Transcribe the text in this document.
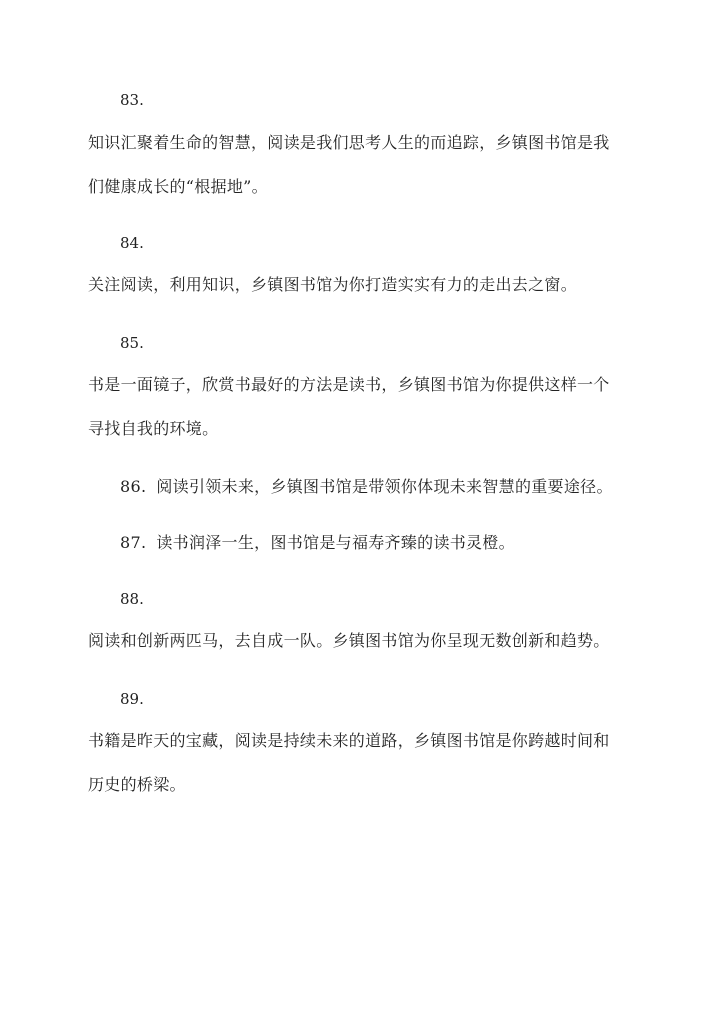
83.
知识汇聚着生命的智慧，阅读是我们思考人生的而追踪，乡镇图书馆是我
们健康成长的“根据地”。
84.
关注阅读，利用知识，乡镇图书馆为你打造实实有力的走出去之窗。
85.
书是一面镜子，欣赏书最好的方法是读书，乡镇图书馆为你提供这样一个
寻找自我的环境。
86. 阅读引领未来，乡镇图书馆是带领你体现未来智慧的重要途径。
87. 读书润泽一生，图书馆是与福寿齐臻的读书灵橙。
88.
阅读和创新两匹马，去自成一队。乡镇图书馆为你呈现无数创新和趋势。
89.
书籍是昨天的宝藏，阅读是持续未来的道路，乡镇图书馆是你跨越时间和
历史的桥梁。
